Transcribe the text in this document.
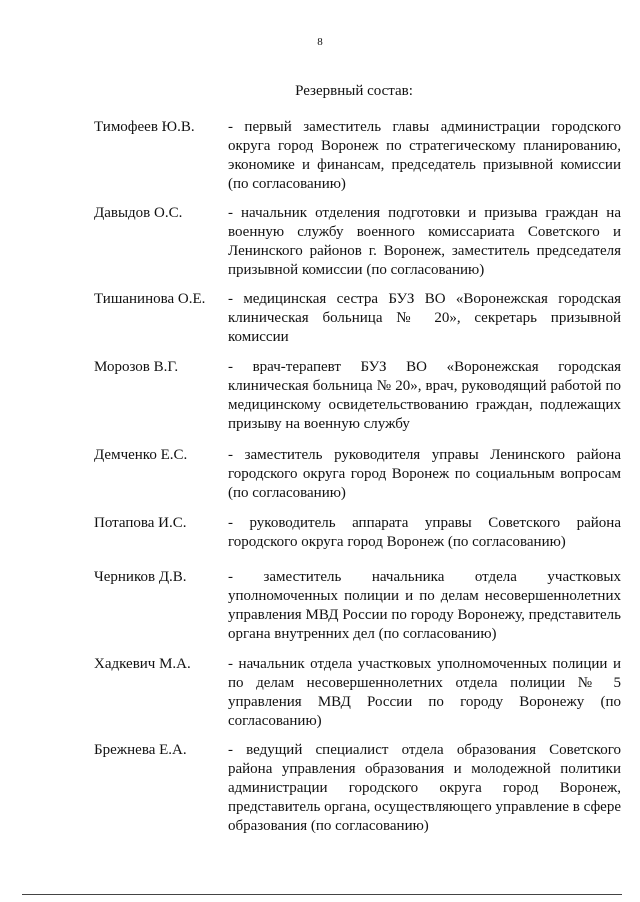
8
Резервный состав:
Тимофеев Ю.В. - первый заместитель главы администрации городского округа город Воронеж по стратегическому планированию, экономике и финансам, председатель призывной комиссии (по согласованию)
Давыдов О.С.	- начальник отделения подготовки и призыва граждан на военную службу военного комиссариата Советского и Ленинского районов г. Воронеж, заместитель председателя призывной комиссии (по согласованию)
Тишанинова О.Е. - медицинская сестра БУЗ ВО «Воронежская городская клиническая больница № 20», секретарь призывной комиссии
Морозов В.Г.	- врач-терапевт БУЗ ВО «Воронежская городская клиническая больница № 20», врач, руководящий работой по медицинскому освидетельствованию граждан, подлежащих призыву на военную службу
Демченко Е.С.	- заместитель руководителя управы Ленинского района городского округа город Воронеж по социальным вопросам (по согласованию)
Потапова И.С.	- руководитель аппарата управы Советского района городского округа город Воронеж (по согласованию)
Черников Д.В.	- заместитель начальника отдела участковых уполномоченных полиции и по делам несовершеннолетних управления МВД России по городу Воронежу, представитель органа внутренних дел (по согласованию)
Хадкевич М.А. - начальник отдела участковых уполномоченных полиции и по делам несовершеннолетних отдела полиции № 5 управления МВД России по городу Воронежу (по согласованию)
Брежнева Е.А.	- ведущий специалист отдела образования Советского района управления образования и молодежной политики администрации городского округа город Воронеж, представитель органа, осуществляющего управление в сфере образования (по согласованию)
